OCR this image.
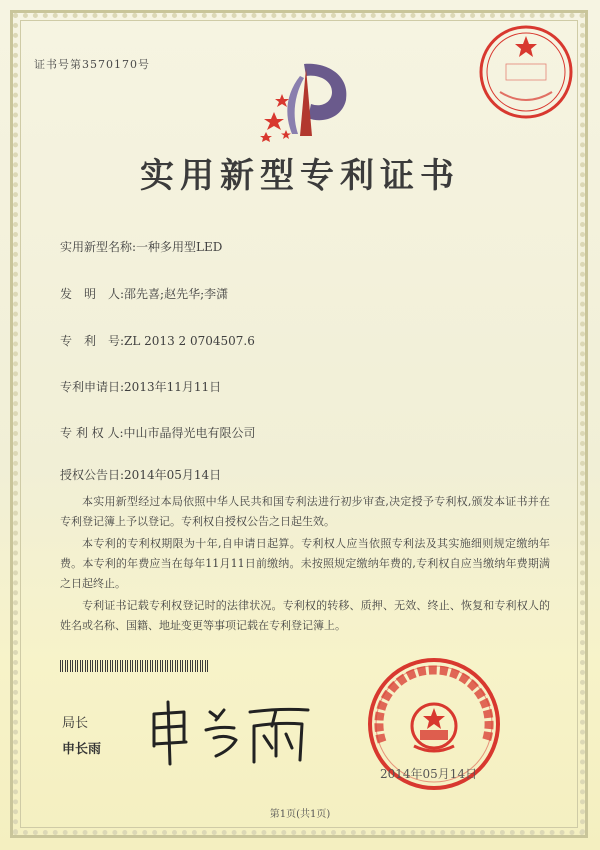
证书号第3570170号
实用新型专利证书
实用新型名称:一种多用型LED
发　明　人:邵先喜;赵先华;李潇
专　利　号:ZL 2013 2 0704507.6
专利申请日:2013年11月11日
专 利 权 人:中山市晶得光电有限公司
授权公告日:2014年05月14日
本实用新型经过本局依照中华人民共和国专利法进行初步审查,决定授予专利权,颁发本证书并在专利登记簿上予以登记。专利权自授权公告之日起生效。
本专利的专利权期限为十年,自申请日起算。专利权人应当依照专利法及其实施细则规定缴纳年费。本专利的年费应当在每年11月11日前缴纳。未按照规定缴纳年费的,专利权自应当缴纳年费期满之日起终止。
专利证书记载专利权登记时的法律状况。专利权的转移、质押、无效、终止、恢复和专利权人的姓名或名称、国籍、地址变更等事项记载在专利登记簿上。
局长
申长雨
2014年05月14日
第1页(共1页)
